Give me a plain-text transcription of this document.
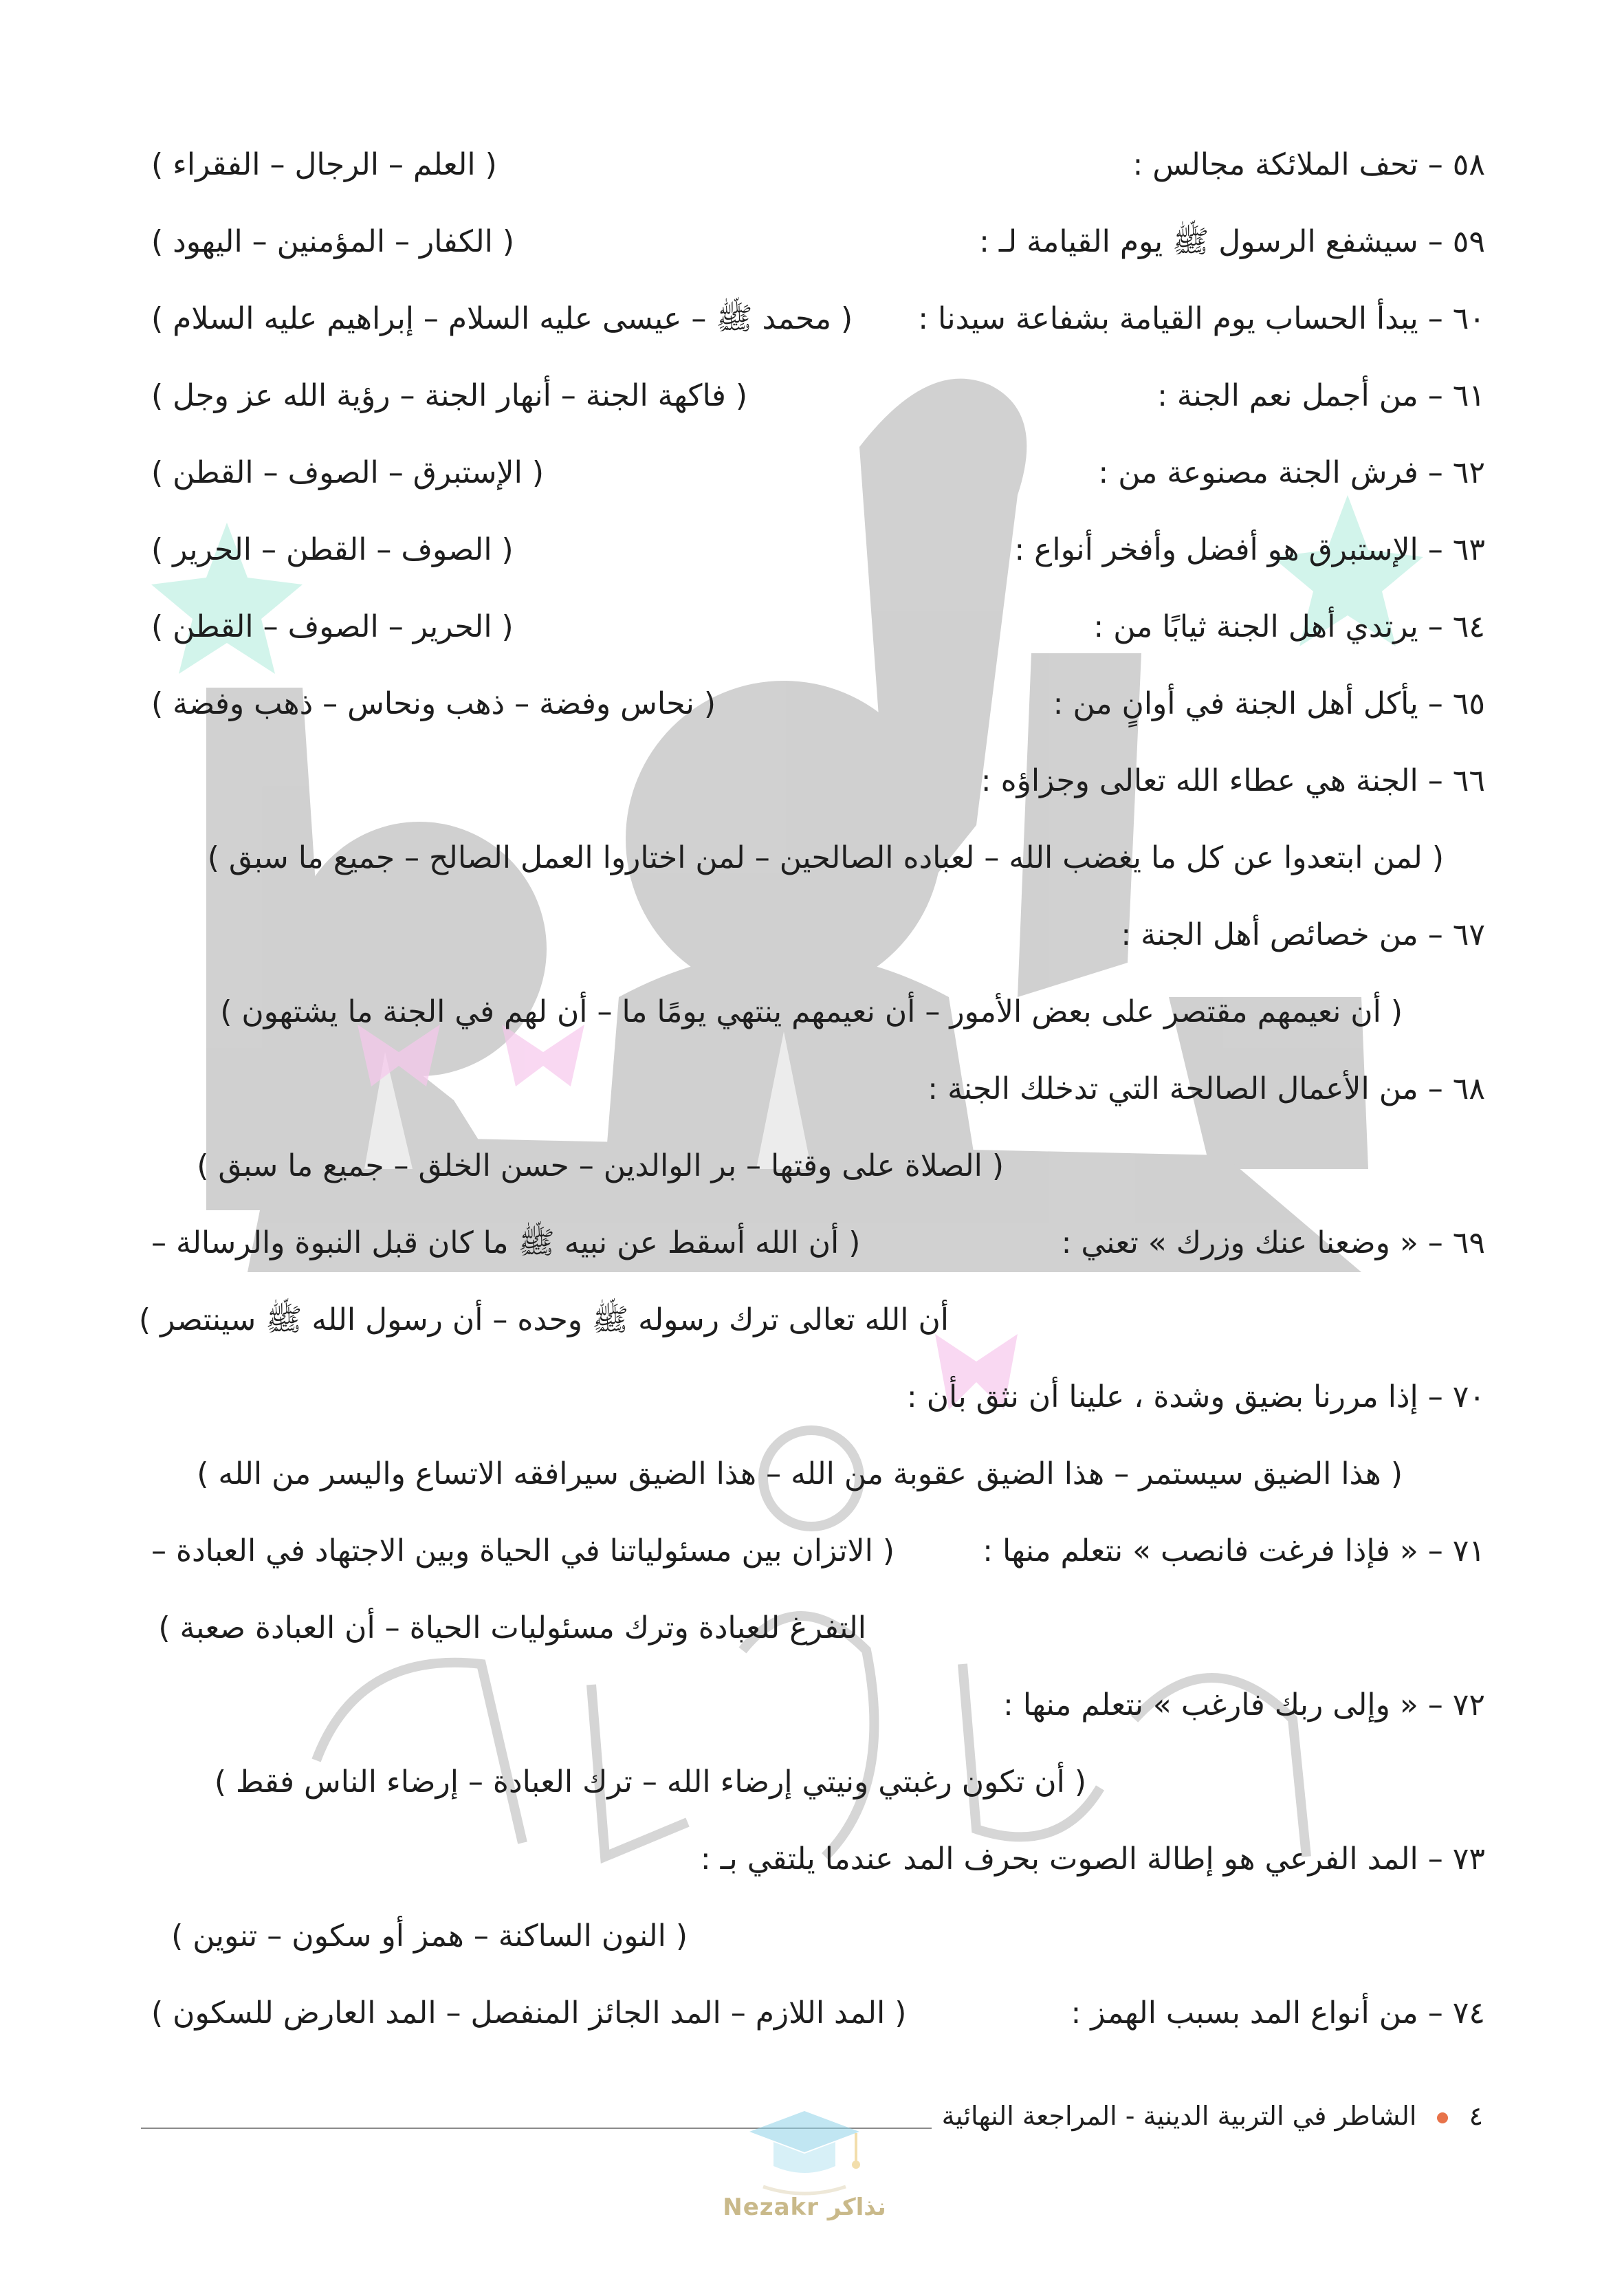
٥٨ – تحف الملائكة مجالس :
( العلم – الرجال – الفقراء )
٥٩ – سيشفع الرسول ﷺ يوم القيامة لـ :
( الكفار – المؤمنين – اليهود )
٦٠ – يبدأ الحساب يوم القيامة بشفاعة سيدنا :
( محمد ﷺ – عيسى عليه السلام – إبراهيم عليه السلام )
٦١ – من أجمل نعم الجنة :
( فاكهة الجنة – أنهار الجنة – رؤية الله عز وجل )
٦٢ – فرش الجنة مصنوعة من :
( الإستبرق – الصوف – القطن )
٦٣ – الإستبرق هو أفضل وأفخر أنواع :
( الصوف – القطن – الحرير )
٦٤ – يرتدي أهل الجنة ثيابًا من :
( الحرير – الصوف – القطن )
٦٥ – يأكل أهل الجنة في أوانٍ من :
( نحاس وفضة – ذهب ونحاس – ذهب وفضة )
٦٦ – الجنة هي عطاء الله تعالى وجزاؤه :
( لمن ابتعدوا عن كل ما يغضب الله – لعباده الصالحين – لمن اختاروا العمل الصالح – جميع ما سبق )
٦٧ – من خصائص أهل الجنة :
( أن نعيمهم مقتصر على بعض الأمور – أن نعيمهم ينتهي يومًا ما – أن لهم في الجنة ما يشتهون )
٦٨ – من الأعمال الصالحة التي تدخلك الجنة :
( الصلاة على وقتها – بر الوالدين – حسن الخلق – جميع ما سبق )
٦٩ – « وضعنا عنك وزرك » تعني :
( أن الله أسقط عن نبيه ﷺ ما كان قبل النبوة والرسالة –
أن الله تعالى ترك رسوله ﷺ وحده – أن رسول الله ﷺ سينتصر )
٧٠ – إذا مررنا بضيق وشدة ، علينا أن نثق بأن :
( هذا الضيق سيستمر – هذا الضيق عقوبة من الله – هذا الضيق سيرافقه الاتساع واليسر من الله )
٧١ – « فإذا فرغت فانصب » نتعلم منها :
( الاتزان بين مسئولياتنا في الحياة وبين الاجتهاد في العبادة –
التفرغ للعبادة وترك مسئوليات الحياة – أن العبادة صعبة )
٧٢ – « وإلى ربك فارغب » نتعلم منها :
( أن تكون رغبتي ونيتي إرضاء الله – ترك العبادة – إرضاء الناس فقط )
٧٣ – المد الفرعي هو إطالة الصوت بحرف المد عندما يلتقي بـ :
( النون الساكنة – همز أو سكون – تنوين )
٧٤ – من أنواع المد بسبب الهمز :
( المد اللازم – المد الجائز المنفصل – المد العارض للسكون )
٤  الشاطر في التربية الدينية - المراجعة النهائية
Nezakr نذاكر
